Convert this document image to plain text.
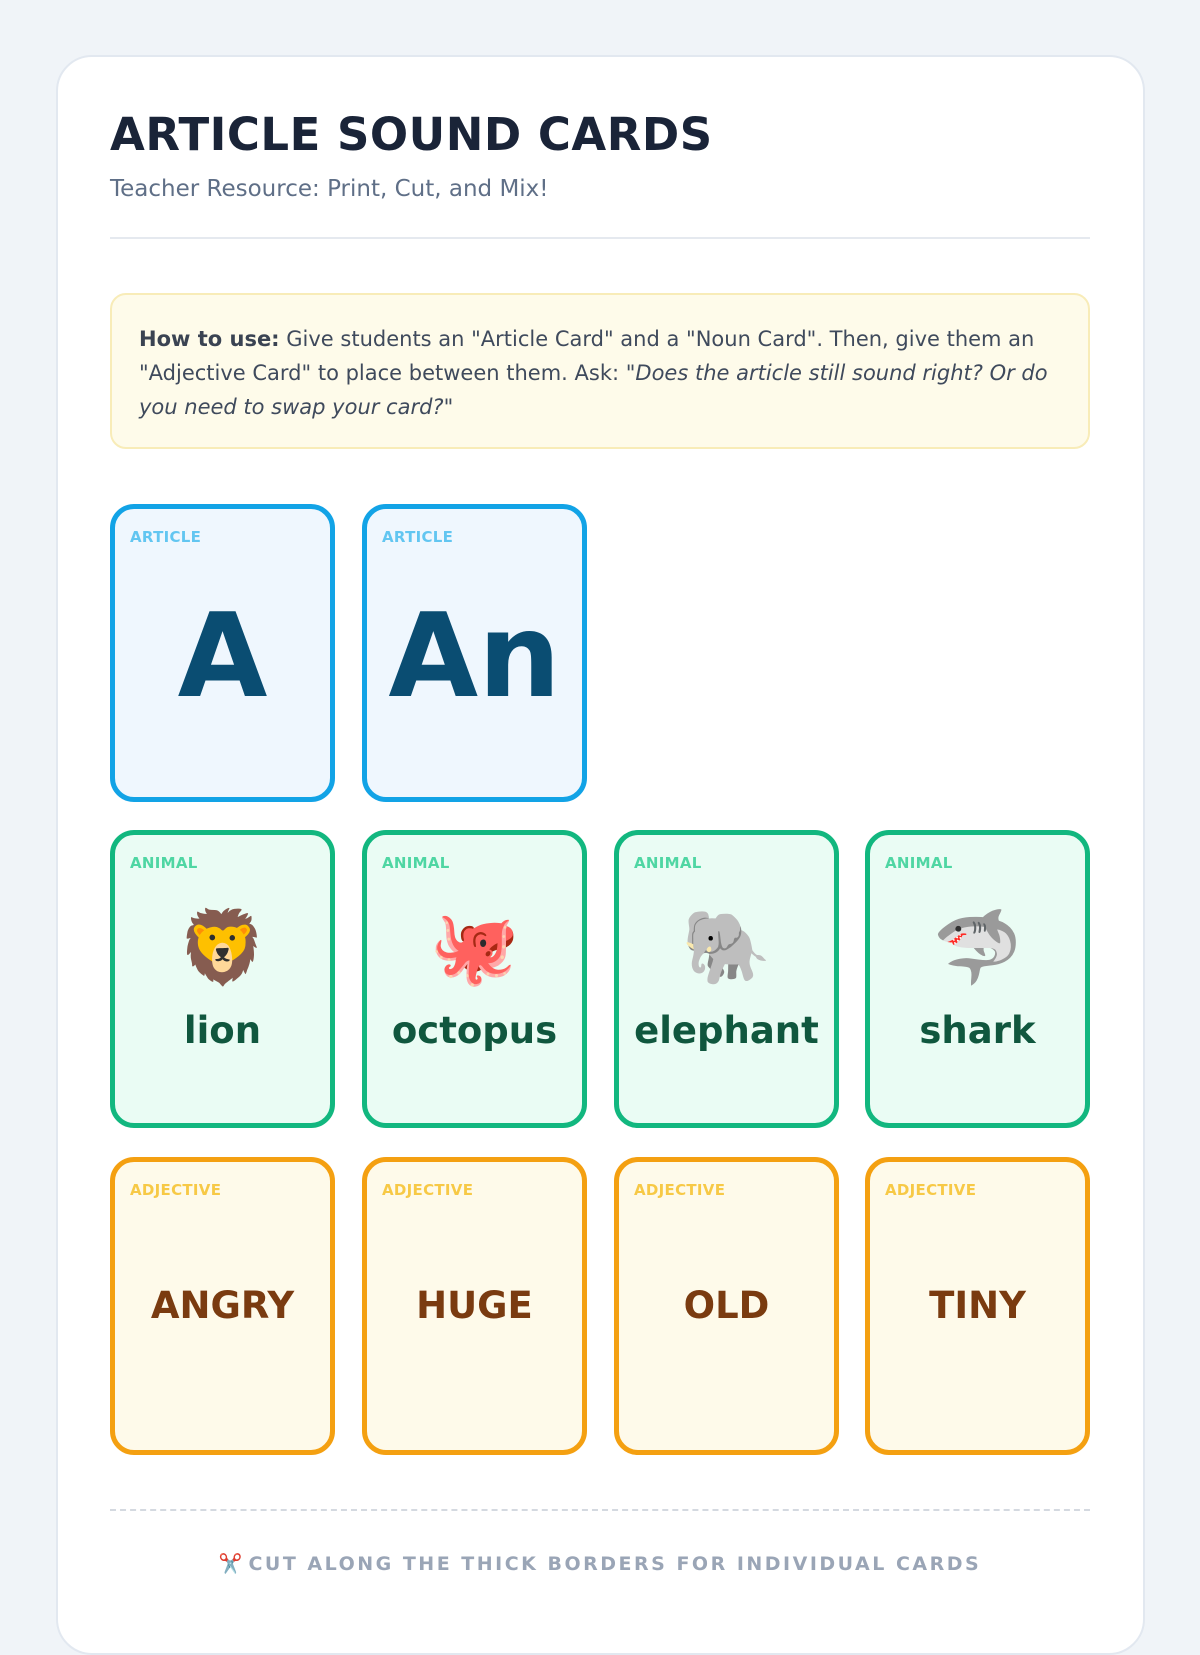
ARTICLE SOUND CARDS
Teacher Resource: Print, Cut, and Mix!
How to use: Give students an "Article Card" and a "Noun Card". Then, give them an "Adjective Card" to place between them. Ask: "Does the article still sound right? Or do you need to swap your card?"
ARTICLE
A
ARTICLE
An
ANIMAL
🦁
lion
ANIMAL
🐙
octopus
ANIMAL
🐘
elephant
ANIMAL
🦈
shark
ADJECTIVE
ANGRY
ADJECTIVE
HUGE
ADJECTIVE
OLD
ADJECTIVE
TINY
✂️ CUT ALONG THE THICK BORDERS FOR INDIVIDUAL CARDS
